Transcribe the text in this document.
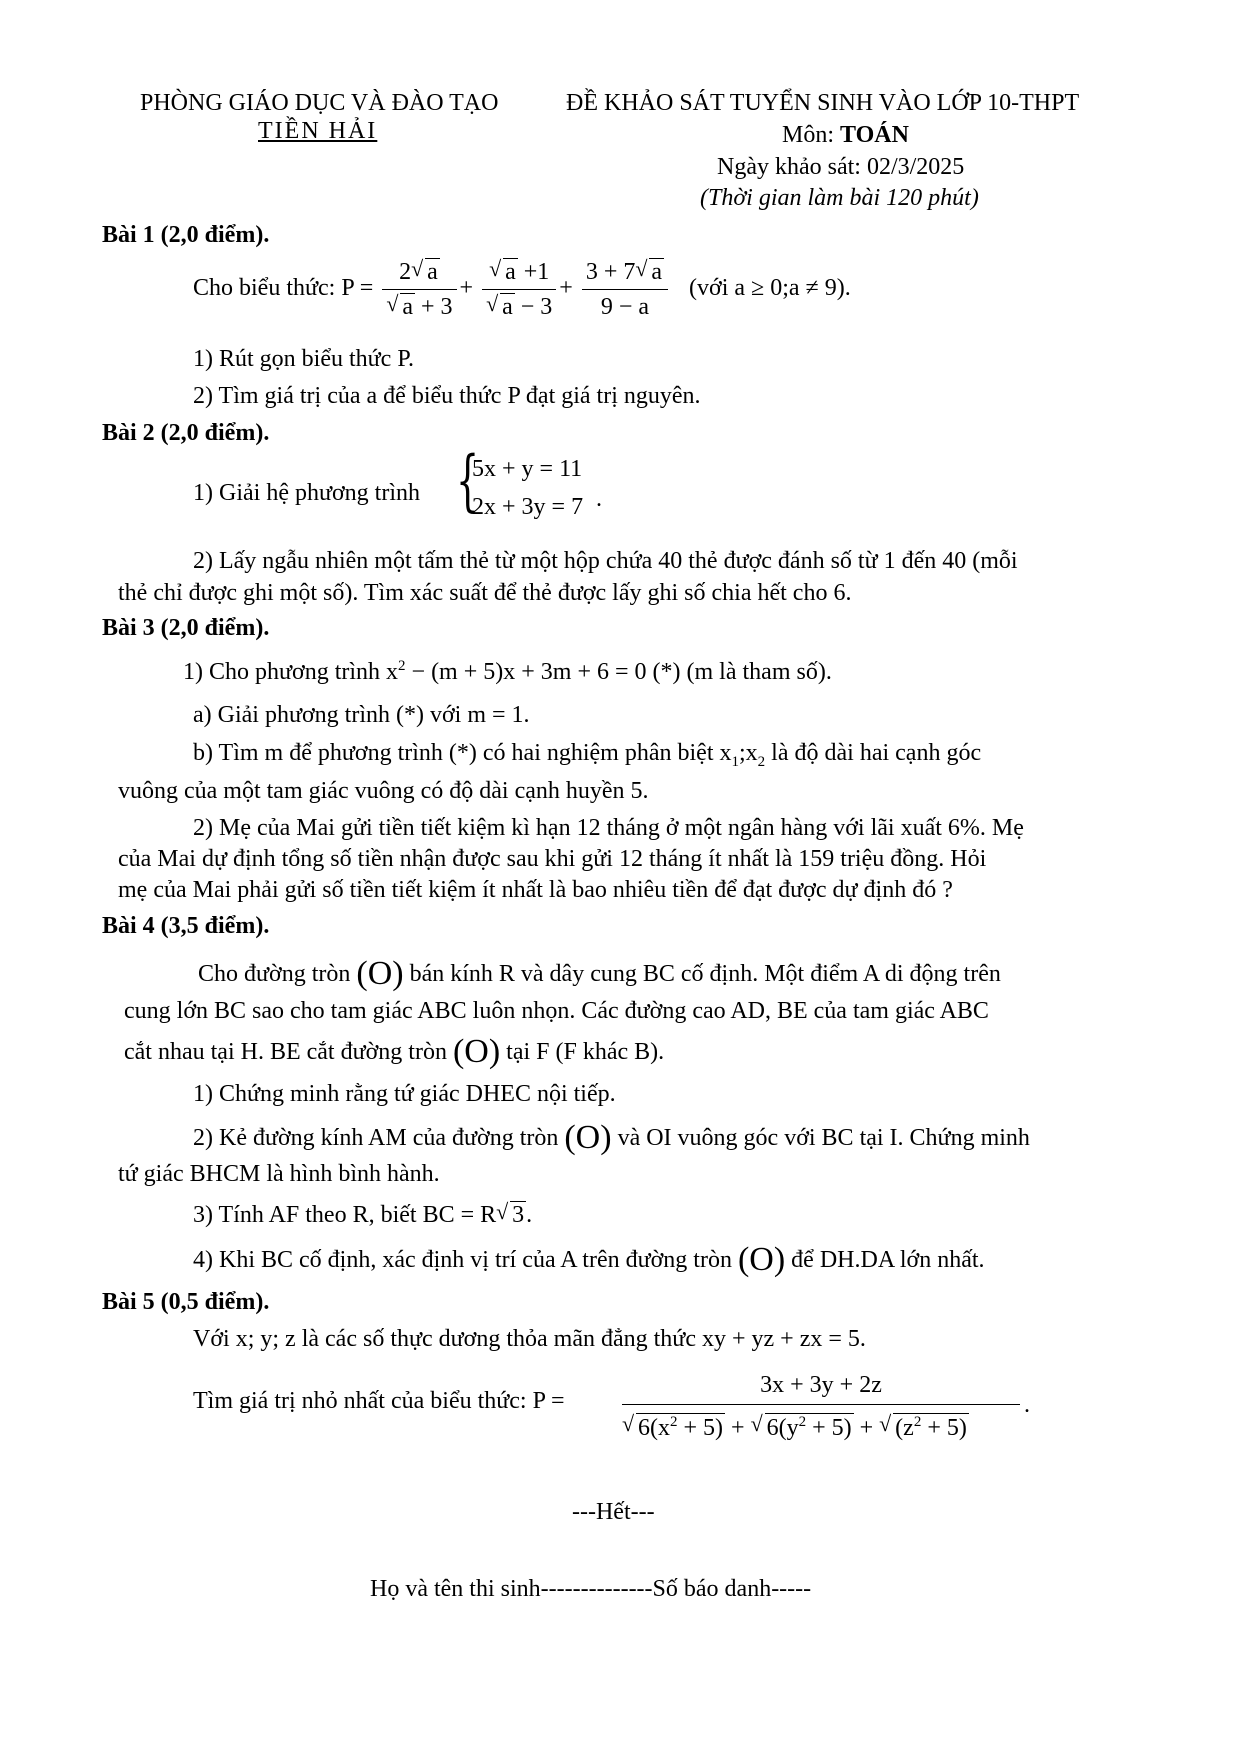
PHÒNG GIÁO DỤC VÀ ĐÀO TẠO
TIỀN HẢI
ĐỀ KHẢO SÁT TUYỂN SINH VÀO LỚP 10-THPT
Môn: TOÁN
Ngày khảo sát: 02/3/2025
(Thời gian làm bài 120 phút)
Bài 1 (2,0 điểm).
Cho biểu thức: P = 2 √ a
√ a + 3 + √ a +1
√ $a - 3 + \frac{3 + 7 √ a}{9 - a}$ (với a ≥ 0;a ≠ 9).
1) Rút gọn biểu thức P.
2) Tìm giá trị của a để biểu thức P đạt giá trị nguyên.
Bài 2 (2,0 điểm).
1) Giải hệ phương trình {
5x + y = 11
2x + 3y = 7 .
2) Lấy ngẫu nhiên một tấm thẻ từ một hộp chứa 40 thẻ được đánh số từ 1 đến 40 (mỗi
thẻ chỉ được ghi một số). Tìm xác suất để thẻ được lấy ghi số chia hết cho 6.
Bài 3 (2,0 điểm).
1) Cho phương trình $x^2 - (m + 5)x + 3m + 6 = 0$ (*) (m là tham số).
a) Giải phương trình (*) với m = 1.
b) Tìm m để phương trình (*) có hai nghiệm phân biệt $x_1;x_2$ là độ dài hai cạnh góc
vuông của một tam giác vuông có độ dài cạnh huyền 5.
2) Mẹ của Mai gửi tiền tiết kiệm kì hạn 12 tháng ở một ngân hàng với lãi xuất 6%. Mẹ
của Mai dự định tổng số tiền nhận được sau khi gửi 12 tháng ít nhất là 159 triệu đồng. Hỏi
mẹ của Mai phải gửi số tiền tiết kiệm ít nhất là bao nhiêu tiền để đạt được dự định đó ?
Bài 4 (3,5 điểm).
Cho đường tròn (O) bán kính R và dây cung BC cố định. Một điểm A di động trên
cung lớn BC sao cho tam giác ABC luôn nhọn. Các đường cao AD, BE của tam giác ABC
cắt nhau tại H. BE cắt đường tròn (O) tại F (F khác B).
1) Chứng minh rằng tứ giác DHEC nội tiếp.
2) Kẻ đường kính AM của đường tròn (O) và OI vuông góc với BC tại I. Chứng minh
tứ giác BHCM là hình bình hành.
3) Tính AF theo R, biết BC = R √ 3.
4) Khi BC cố định, xác định vị trí của A trên đường tròn (O) để DH.DA lớn nhất.
Bài 5 (0,5 điểm).
Với x; y; z là các số thực dương thỏa mãn đẳng thức xy + yz + zx = 5.
Tìm giá trị nhỏ nhất của biểu thức: P = 3x + 3y + 2z
√ $6(x^2 + 5)$ + √ $6(y^2 + 5)$ + √ $(z^2 + 5)$ .
---Hết---
Họ và tên thi sinh--------------Số báo danh-----
